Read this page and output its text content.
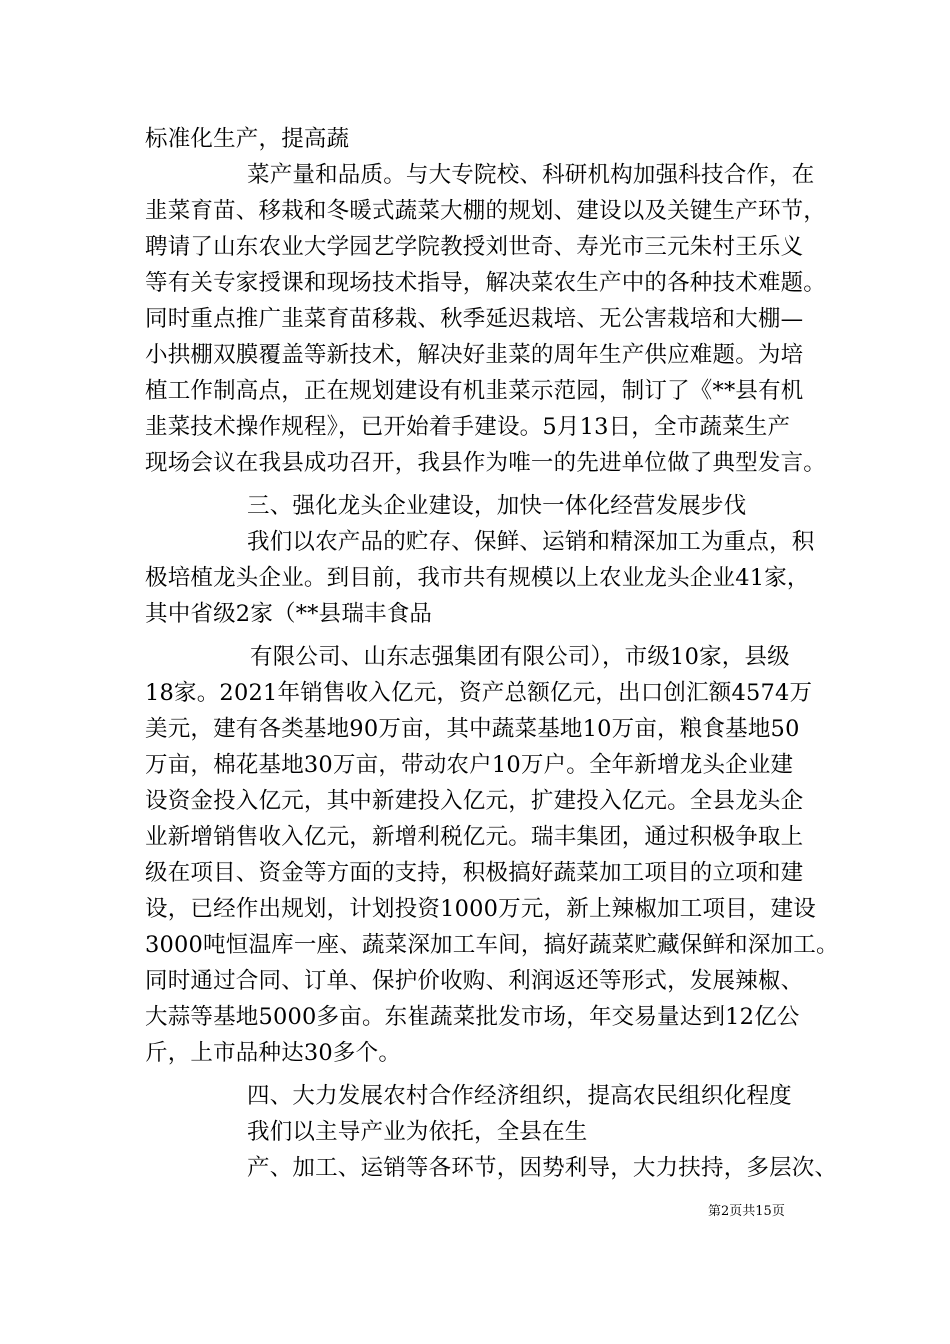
标准化生产，提高蔬
菜产量和品质。与大专院校、科研机构加强科技合作，在
韭菜育苗、移栽和冬暖式蔬菜大棚的规划、建设以及关键生产环节，
聘请了山东农业大学园艺学院教授刘世奇、寿光市三元朱村王乐义
等有关专家授课和现场技术指导，解决菜农生产中的各种技术难题。
同时重点推广韭菜育苗移栽、秋季延迟栽培、无公害栽培和大棚—
小拱棚双膜覆盖等新技术，解决好韭菜的周年生产供应难题。为培
植工作制高点，正在规划建设有机韭菜示范园，制订了《**县有机
韭菜技术操作规程》，已开始着手建设。5月13日，全市蔬菜生产
现场会议在我县成功召开，我县作为唯一的先进单位做了典型发言。
三、强化龙头企业建设，加快一体化经营发展步伐
我们以农产品的贮存、保鲜、运销和精深加工为重点，积
极培植龙头企业。到目前，我市共有规模以上农业龙头企业41家，
其中省级2家（**县瑞丰食品
有限公司、山东志强集团有限公司），市级10家，县级
18家。2021年销售收入亿元，资产总额亿元，出口创汇额4574万
美元，建有各类基地90万亩，其中蔬菜基地10万亩，粮食基地50
万亩，棉花基地30万亩，带动农户10万户。全年新增龙头企业建
设资金投入亿元，其中新建投入亿元，扩建投入亿元。全县龙头企
业新增销售收入亿元，新增利税亿元。瑞丰集团，通过积极争取上
级在项目、资金等方面的支持，积极搞好蔬菜加工项目的立项和建
设，已经作出规划，计划投资1000万元，新上辣椒加工项目，建设
3000吨恒温库一座、蔬菜深加工车间，搞好蔬菜贮藏保鲜和深加工。
同时通过合同、订单、保护价收购、利润返还等形式，发展辣椒、
大蒜等基地5000多亩。东崔蔬菜批发市场，年交易量达到12亿公
斤，上市品种达30多个。
四、大力发展农村合作经济组织，提高农民组织化程度
我们以主导产业为依托，全县在生
产、加工、运销等各环节，因势利导，大力扶持，多层次、
第2页共15页
